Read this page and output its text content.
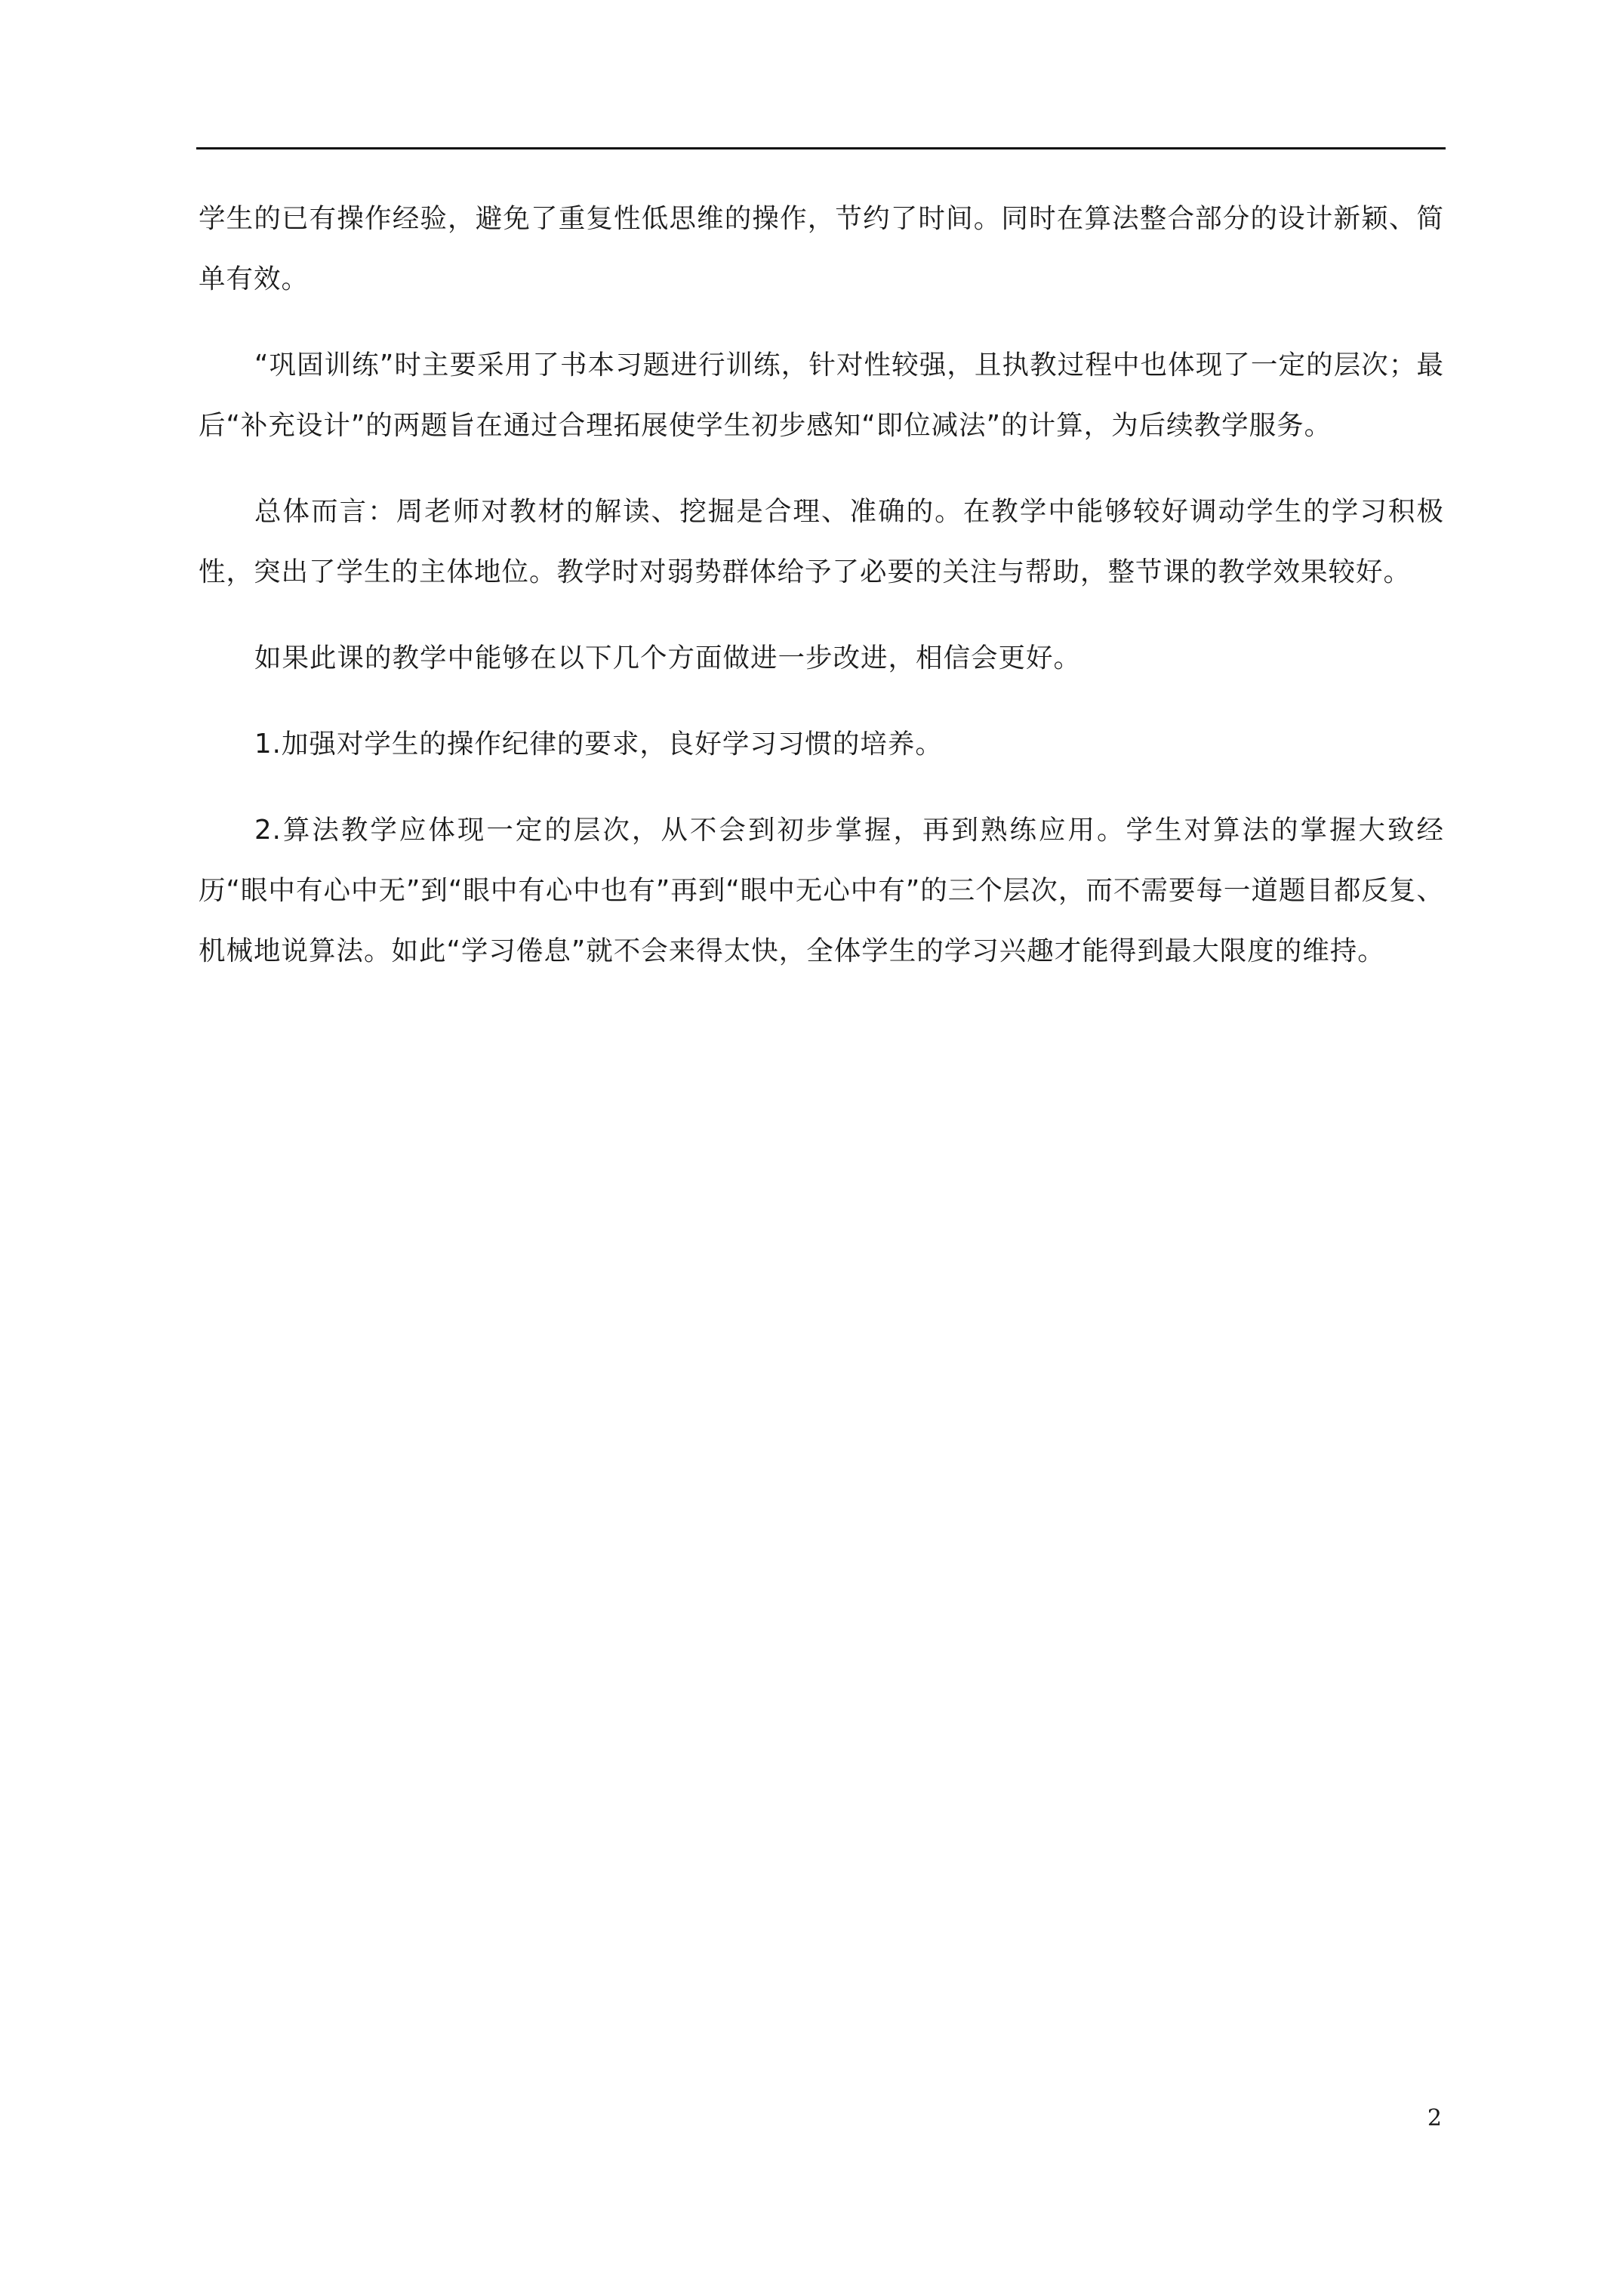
学生的已有操作经验，避免了重复性低思维的操作，节约了时间。同时在算法整合部分的设计新颖、简单有效。

“巩固训练”时主要采用了书本习题进行训练，针对性较强，且执教过程中也体现了一定的层次；最后“补充设计”的两题旨在通过合理拓展使学生初步感知“即位减法”的计算，为后续教学服务。

总体而言：周老师对教材的解读、挖掘是合理、准确的。在教学中能够较好调动学生的学习积极性，突出了学生的主体地位。教学时对弱势群体给予了必要的关注与帮助，整节课的教学效果较好。

如果此课的教学中能够在以下几个方面做进一步改进，相信会更好。

1.加强对学生的操作纪律的要求，良好学习习惯的培养。

2.算法教学应体现一定的层次，从不会到初步掌握，再到熟练应用。学生对算法的掌握大致经历“眼中有心中无”到“眼中有心中也有”再到“眼中无心中有”的三个层次，而不需要每一道题目都反复、机械地说算法。如此“学习倦息”就不会来得太快，全体学生的学习兴趣才能得到最大限度的维持。

2
